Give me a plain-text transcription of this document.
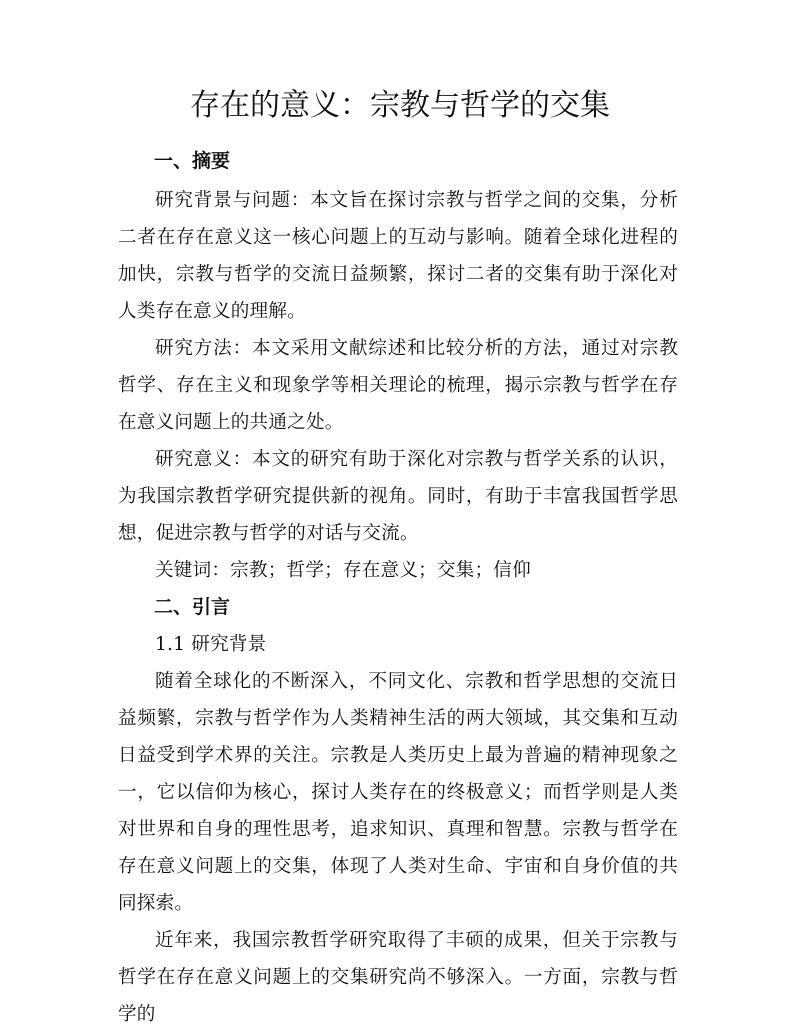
存在的意义：宗教与哲学的交集
一、摘要

研究背景与问题：本文旨在探讨宗教与哲学之间的交集，分析二者在存在意义这一核心问题上的互动与影响。随着全球化进程的加快，宗教与哲学的交流日益频繁，探讨二者的交集有助于深化对人类存在意义的理解。

研究方法：本文采用文献综述和比较分析的方法，通过对宗教哲学、存在主义和现象学等相关理论的梳理，揭示宗教与哲学在存在意义问题上的共通之处。

研究意义：本文的研究有助于深化对宗教与哲学关系的认识，为我国宗教哲学研究提供新的视角。同时，有助于丰富我国哲学思想，促进宗教与哲学的对话与交流。

关键词：宗教；哲学；存在意义；交集；信仰

二、引言

1.1 研究背景

随着全球化的不断深入，不同文化、宗教和哲学思想的交流日益频繁，宗教与哲学作为人类精神生活的两大领域，其交集和互动日益受到学术界的关注。宗教是人类历史上最为普遍的精神现象之一，它以信仰为核心，探讨人类存在的终极意义；而哲学则是人类对世界和自身的理性思考，追求知识、真理和智慧。宗教与哲学在存在意义问题上的交集，体现了人类对生命、宇宙和自身价值的共同探索。

近年来，我国宗教哲学研究取得了丰硕的成果，但关于宗教与哲学在存在意义问题上的交集研究尚不够深入。一方面，宗教与哲学的
